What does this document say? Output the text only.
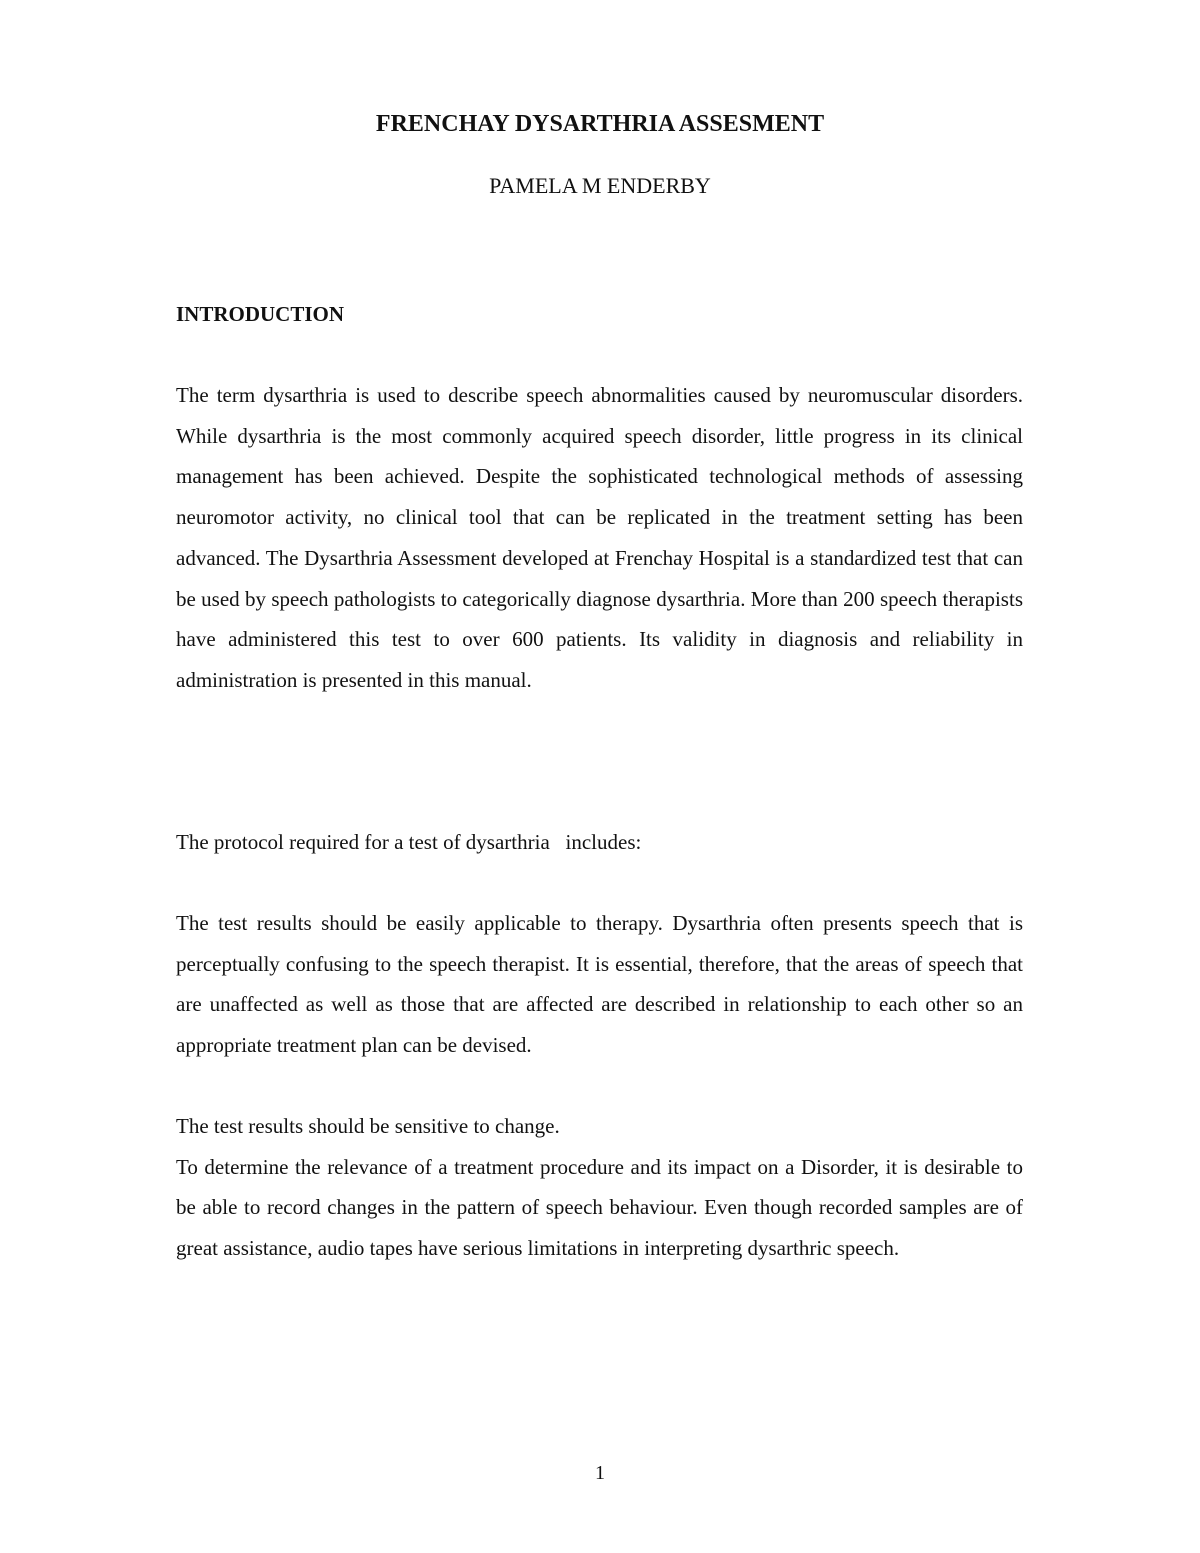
FRENCHAY DYSARTHRIA ASSESMENT

PAMELA M ENDERBY

INTRODUCTION

The term dysarthria is used to describe speech abnormalities caused by neuromuscular disorders. While dysarthria is the most commonly acquired speech disorder, little progress in its clinical management has been achieved. Despite the sophisticated technological methods of assessing neuromotor activity, no clinical tool that can be replicated in the treatment setting has been advanced. The Dysarthria Assessment developed at Frenchay Hospital is a standardized test that can be used by speech pathologists to categorically diagnose dysarthria. More than 200 speech therapists have administered this test to over 600 patients. Its validity in diagnosis and reliability in administration is presented in this manual.

The protocol required for a test of dysarthria   includes:

The test results should be easily applicable to therapy. Dysarthria often presents speech that is perceptually confusing to the speech therapist. It is essential, therefore, that the areas of speech that are unaffected as well as those that are affected are described in relationship to each other so an appropriate treatment plan can be devised.

The test results should be sensitive to change.
To determine the relevance of a treatment procedure and its impact on a Disorder, it is desirable to be able to record changes in the pattern of speech behaviour. Even though recorded samples are of great assistance, audio tapes have serious limitations in interpreting dysarthric speech.

1
